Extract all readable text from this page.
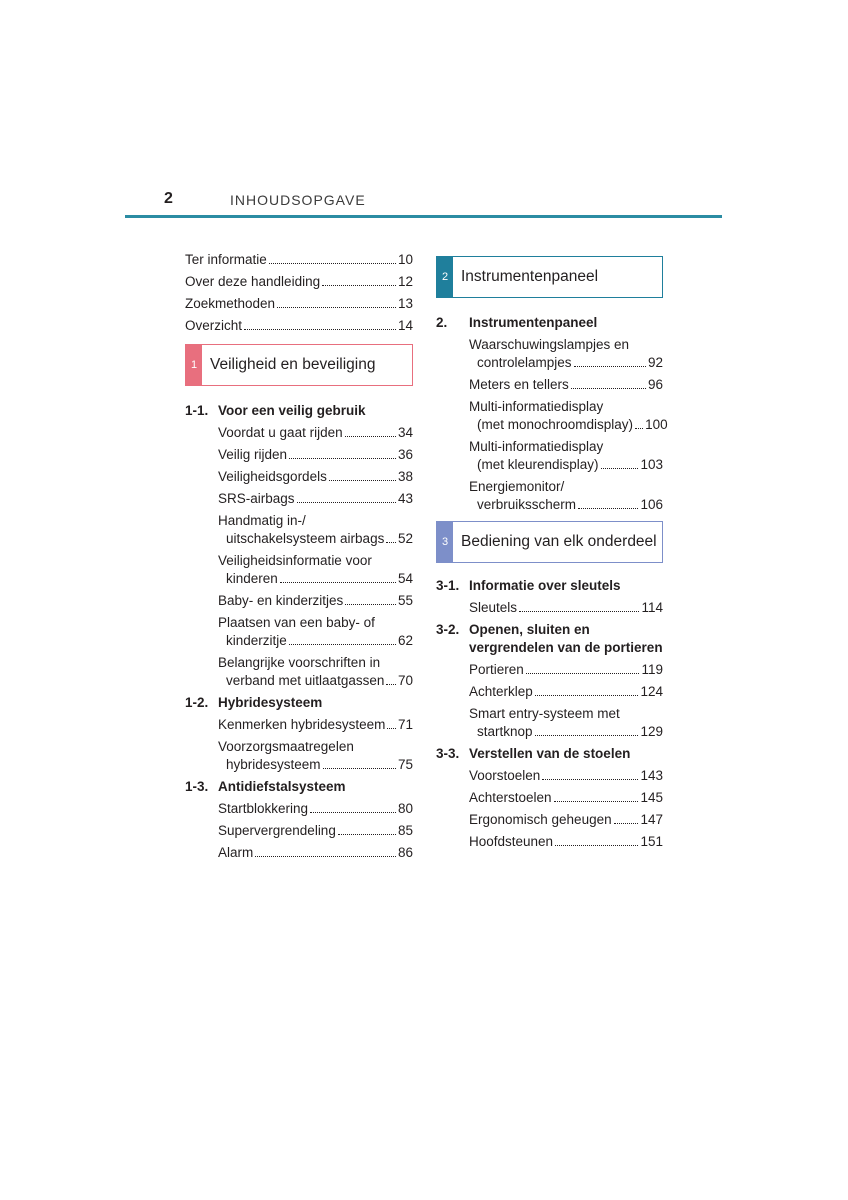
2	INHOUDSOPGAVE
Ter informatie	10
Over deze handleiding	12
Zoekmethoden	13
Overzicht	14
1 Veiligheid en beveiliging
1-1. Voor een veilig gebruik
Voordat u gaat rijden	34
Veilig rijden	36
Veiligheidsgordels	38
SRS-airbags	43
Handmatig in-/
uitschakelsysteem airbags 52
Veiligheidsinformatie voor
kinderen	54
Baby- en kinderzitjes	55
Plaatsen van een baby- of
kinderzitje	62
Belangrijke voorschriften in
verband met uitlaatgassen 70
1-2. Hybridesysteem
Kenmerken hybridesysteem 71
Voorzorgsmaatregelen
hybridesysteem	75
1-3. Antidiefstalsysteem
Startblokkering	80
Supervergrendeling	85
Alarm	86
2 Instrumentenpaneel
2.	Instrumentenpaneel
Waarschuwingslampjes en
controlelampjes	92
Meters en tellers	96
Multi-informatiedisplay
(met monochroomdisplay) 100
Multi-informatiedisplay
(met kleurendisplay)	103
Energiemonitor/
verbruiksscherm	106
3 Bediening van elk onderdeel
3-1. Informatie over sleutels
Sleutels	114
3-2. Openen, sluiten en vergrendelen van de portieren
Portieren	119
Achterklep	124
Smart entry-systeem met
startknop	129
3-3. Verstellen van de stoelen
Voorstoelen	143
Achterstoelen	145
Ergonomisch geheugen 147
Hoofdsteunen	151
